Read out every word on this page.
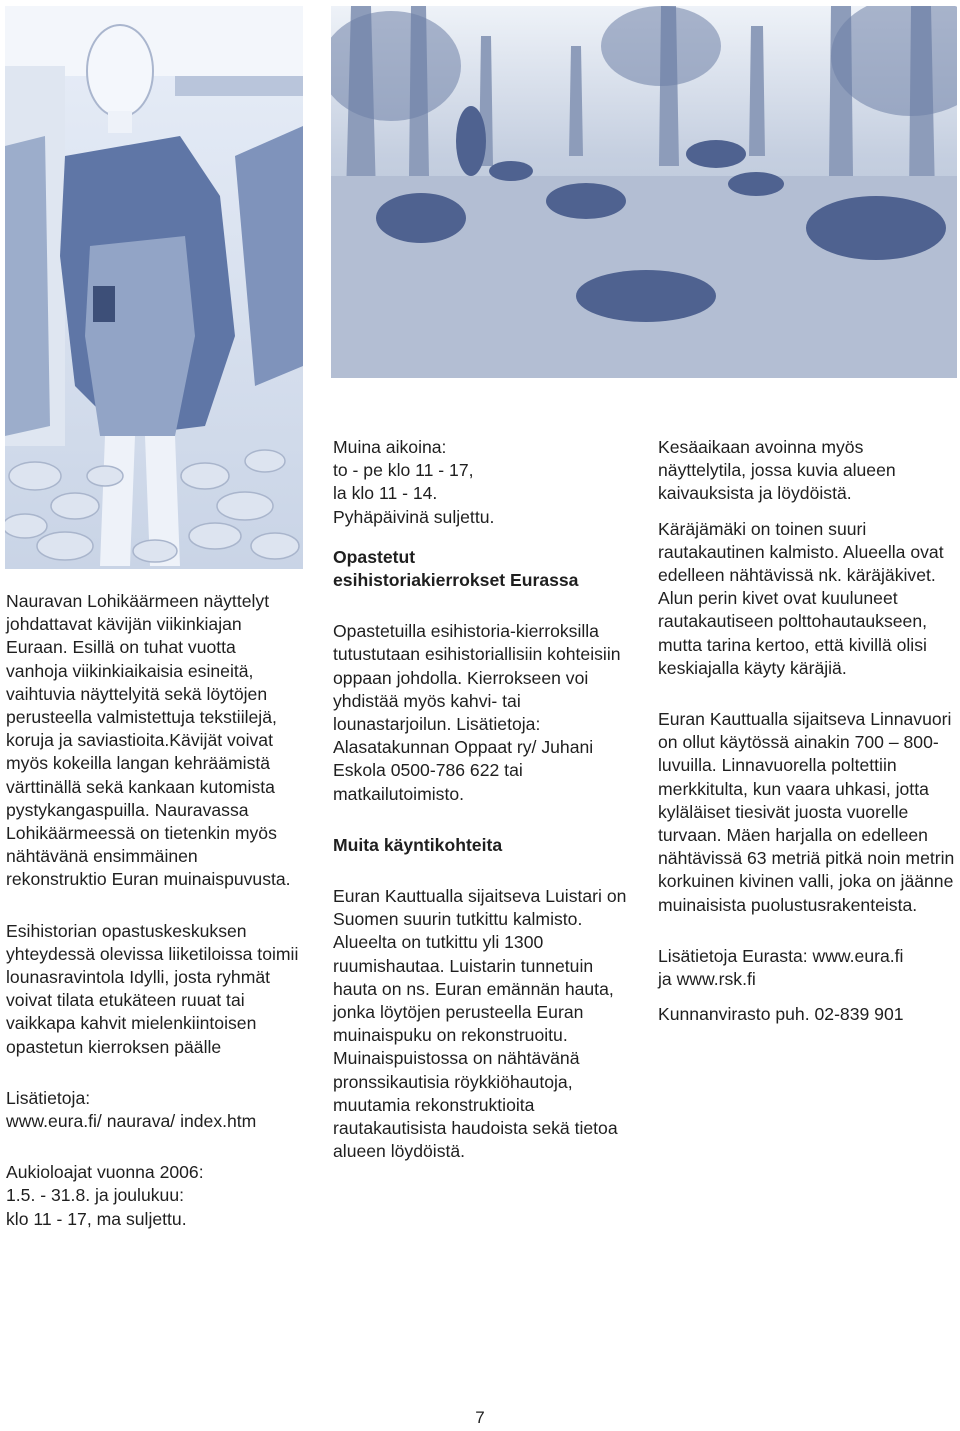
Nauravan Lohikäärmeen näyttelyt johdattavat kävijän viikinkiajan Euraan. Esillä on tuhat vuotta vanhoja viikinkiaikaisia esineitä, vaihtuvia näyttelyitä sekä löytöjen perusteella valmistettuja tekstiilejä, koruja ja saviastioita.Kävijät voivat myös kokeilla langan kehräämistä värttinällä sekä kankaan kutomista pystykangaspuilla. Nauravassa Lohikäärmeessä on tietenkin myös nähtävänä ensimmäinen rekonstruktio Euran muinaispuvusta.

Esihistorian opastuskeskuksen yhteydessä olevissa liiketiloissa toimii lounasravintola Idylli, josta ryhmät voivat tilata etukäteen ruuat tai vaikkapa kahvit mielenkiintoisen opastetun kierroksen päälle

Lisätietoja:

www.eura.fi/ naurava/ index.htm

Aukioloajat vuonna 2006:

1.5. - 31.8. ja joulukuu:

klo 11 - 17, ma suljettu.

Muina aikoina:

to - pe klo 11 - 17,

la klo 11 - 14.

Pyhäpäivinä suljettu.

Opastetut

esihistoriakierrokset Eurassa

Opastetuilla esihistoria-kierroksilla tutustutaan esihistoriallisiin kohteisiin oppaan johdolla. Kierrokseen voi yhdistää myös kahvi- tai lounastarjoilun. Lisätietoja: Alasatakunnan Oppaat ry/ Juhani Eskola 0500-786 622 tai matkailutoimisto.

Muita käyntikohteita

Euran Kauttualla sijaitseva Luistari on Suomen suurin tutkittu kalmisto. Alueelta on tutkittu yli 1300 ruumishautaa. Luistarin tunnetuin hauta on ns. Euran emännän hauta, jonka löytöjen perusteella Euran muinaispuku on rekonstruoitu. Muinaispuistossa on nähtävänä pronssikautisia röykkiöhautoja, muutamia rekonstruktioita rautakautisista haudoista sekä tietoa alueen löydöistä.

Kesäaikaan avoinna myös näyttelytila, jossa kuvia alueen kaivauksista ja löydöistä.

Käräjämäki on toinen suuri rautakautinen kalmisto. Alueella ovat edelleen nähtävissä nk. käräjäkivet. Alun perin kivet ovat kuuluneet rautakautiseen polttohautaukseen, mutta tarina kertoo, että kivillä olisi keskiajalla käyty käräjiä.

Euran Kauttualla sijaitseva Linnavuori on ollut käytössä ainakin 700 – 800-luvuilla. Linnavuorella poltettiin merkkitulta, kun vaara uhkasi, jotta kyläläiset tiesivät juosta vuorelle turvaan. Mäen harjalla on edelleen nähtävissä 63 metriä pitkä noin metrin korkuinen kivinen valli, joka on jäänne muinaisista puolustusrakenteista.

Lisätietoja Eurasta: www.eura.fi

ja www.rsk.fi

Kunnanvirasto puh. 02-839 901

7
